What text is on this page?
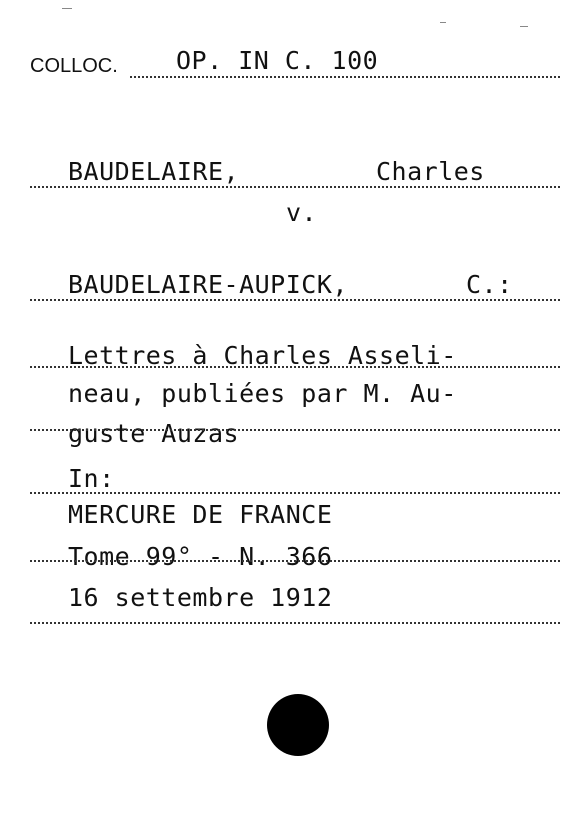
COLLOC. OP. IN C. 100
BAUDELAIRE,	Charles
v.
BAUDELAIRE-AUPICK,	C.:
Lettres à Charles Asseli-
neau, publiées par M. Au-
guste Auzas
In:
MERCURE DE FRANCE
Tome 99° - N. 366
16 settembre 1912
